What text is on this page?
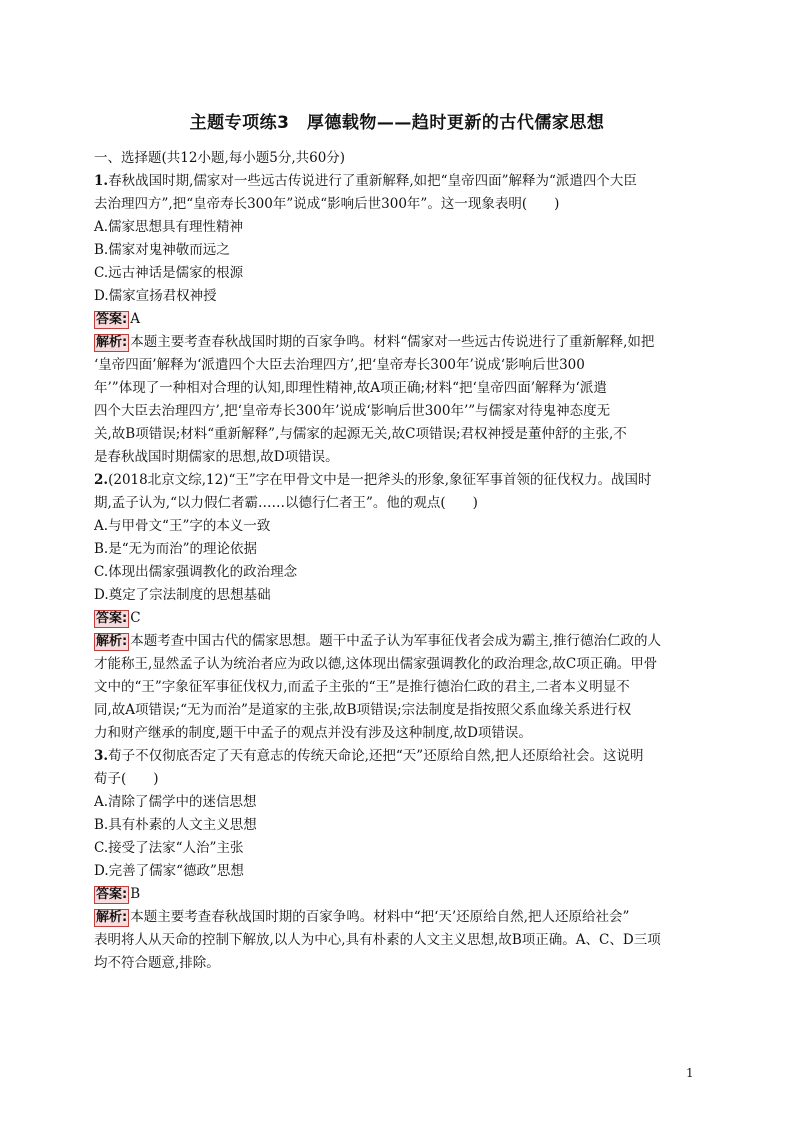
主题专项练3　厚德载物——趋时更新的古代儒家思想
一、选择题(共12小题,每小题5分,共60分)
1.春秋战国时期,儒家对一些远古传说进行了重新解释,如把“皇帝四面”解释为“派遣四个大臣
去治理四方”,把“皇帝寿长300年”说成“影响后世300年”。这一现象表明(　　)
A.儒家思想具有理性精神
B.儒家对鬼神敬而远之
C.远古神话是儒家的根源
D.儒家宣扬君权神授
答案: A
解析: 本题主要考查春秋战国时期的百家争鸣。材料“儒家对一些远古传说进行了重新解释,如把
‘皇帝四面’解释为‘派遣四个大臣去治理四方’,把‘皇帝寿长300年’说成‘影响后世300
年’”体现了一种相对合理的认知,即理性精神,故A项正确;材料“把‘皇帝四面’解释为‘派遣
四个大臣去治理四方’,把‘皇帝寿长300年’说成‘影响后世300年’”与儒家对待鬼神态度无
关,故B项错误;材料“重新解释”,与儒家的起源无关,故C项错误;君权神授是董仲舒的主张,不
是春秋战国时期儒家的思想,故D项错误。
2.(2018北京文综,12)“王”字在甲骨文中是一把斧头的形象,象征军事首领的征伐权力。战国时
期,孟子认为,“以力假仁者霸……以德行仁者王”。他的观点(　　)
A.与甲骨文“王”字的本义一致
B.是“无为而治”的理论依据
C.体现出儒家强调教化的政治理念
D.奠定了宗法制度的思想基础
答案: C
解析: 本题考查中国古代的儒家思想。题干中孟子认为军事征伐者会成为霸主,推行德治仁政的人
才能称王,显然孟子认为统治者应为政以德,这体现出儒家强调教化的政治理念,故C项正确。甲骨
文中的“王”字象征军事征伐权力,而孟子主张的“王”是推行德治仁政的君主,二者本义明显不
同,故A项错误;“无为而治”是道家的主张,故B项错误;宗法制度是指按照父系血缘关系进行权
力和财产继承的制度,题干中孟子的观点并没有涉及这种制度,故D项错误。
3.荀子不仅彻底否定了天有意志的传统天命论,还把“天”还原给自然,把人还原给社会。这说明
荀子(　　)
A.清除了儒学中的迷信思想
B.具有朴素的人文主义思想
C.接受了法家“人治”主张
D.完善了儒家“德政”思想
答案: B
解析: 本题主要考查春秋战国时期的百家争鸣。材料中“把‘天’还原给自然,把人还原给社会”
表明将人从天命的控制下解放,以人为中心,具有朴素的人文主义思想,故B项正确。A、C、D三项
均不符合题意,排除。
1
